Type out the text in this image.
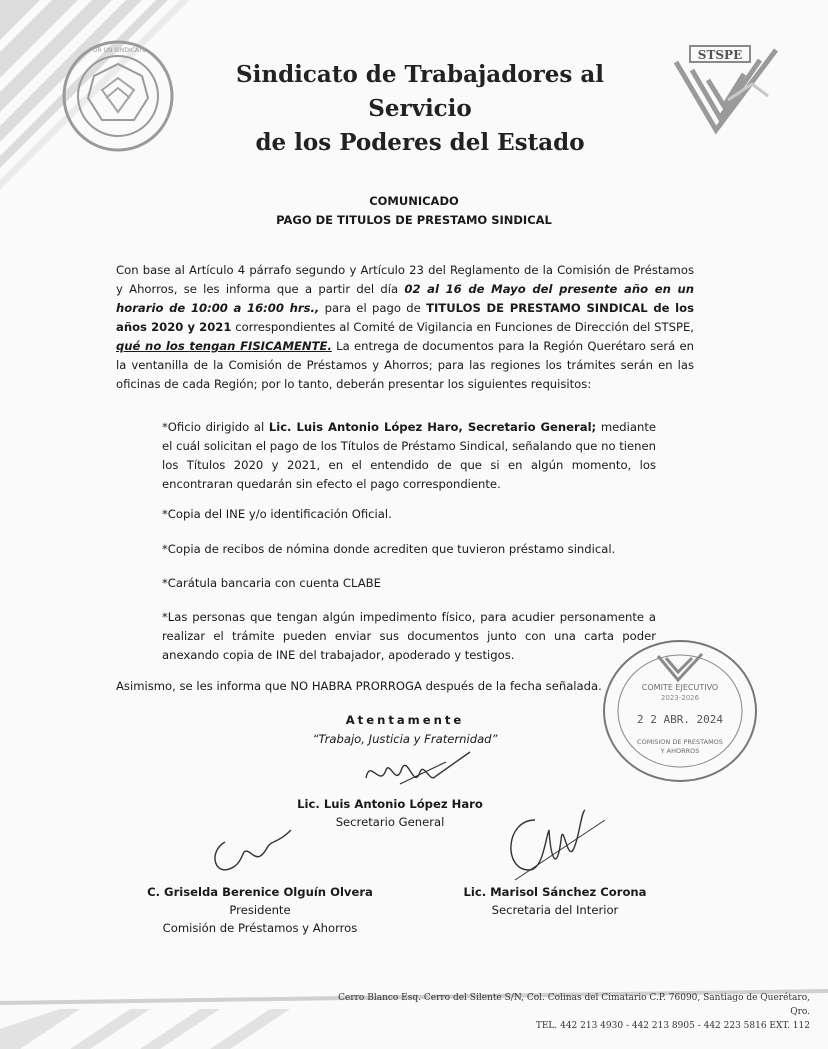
POR UN SINDICATO	STSPE
Sindicato de Trabajadores al Servicio
de los Poderes del Estado
COMUNICADO
PAGO DE TITULOS DE PRESTAMO SINDICAL

Con base al Artículo 4 párrafo segundo y Artículo 23 del Reglamento de la Comisión de Préstamos y Ahorros, se les informa que a partir del día 02 al 16 de Mayo del presente año en un horario de 10:00 a 16:00 hrs., para el pago de TITULOS DE PRESTAMO SINDICAL de los años 2020 y 2021 correspondientes al Comité de Vigilancia en Funciones de Dirección del STSPE, qué no los tengan FISICAMENTE. La entrega de documentos para la Región Querétaro será en la ventanilla de la Comisión de Préstamos y Ahorros; para las regiones los trámites serán en las oficinas de cada Región; por lo tanto, deberán presentar los siguientes requisitos:

*Oficio dirigido al Lic. Luis Antonio López Haro, Secretario General; mediante el cuál solicitan el pago de los Títulos de Préstamo Sindical, señalando que no tienen los Títulos 2020 y 2021, en el entendido de que si en algún momento, los encontraran quedarán sin efecto el pago correspondiente.

*Copia del INE y/o identificación Oficial.

*Copia de recibos de nómina donde acrediten que tuvieron préstamo sindical.

*Carátula bancaria con cuenta CLABE

*Las personas que tengan algún impedimento físico, para acudier personamente a realizar el trámite pueden enviar sus documentos junto con una carta poder anexando copia de INE del trabajador, apoderado y testigos.

Asimismo, se les informa que NO HABRA PRORROGA después de la fecha señalada.	COMITE EJECUTIVO
2023-2026
2 2 ABR. 2024
COMISION DE PRESTAMOS
Y AHORROS
Atentamente
“Trabajo, Justicia y Fraternidad”
Lic. Luis Antonio López Haro
Secretario General
C. Griselda Berenice Olguín Olvera
Presidente
Comisión de Préstamos y Ahorros
Lic. Marisol Sánchez Corona
Secretaria del Interior
Cerro Blanco Esq. Cerro del Silente S/N, Col. Colinas del Cimatario C.P. 76090, Santiago de Querétaro, Qro.
TEL. 442 213 4930 - 442 213 8905 - 442 223 5816 EXT. 112
